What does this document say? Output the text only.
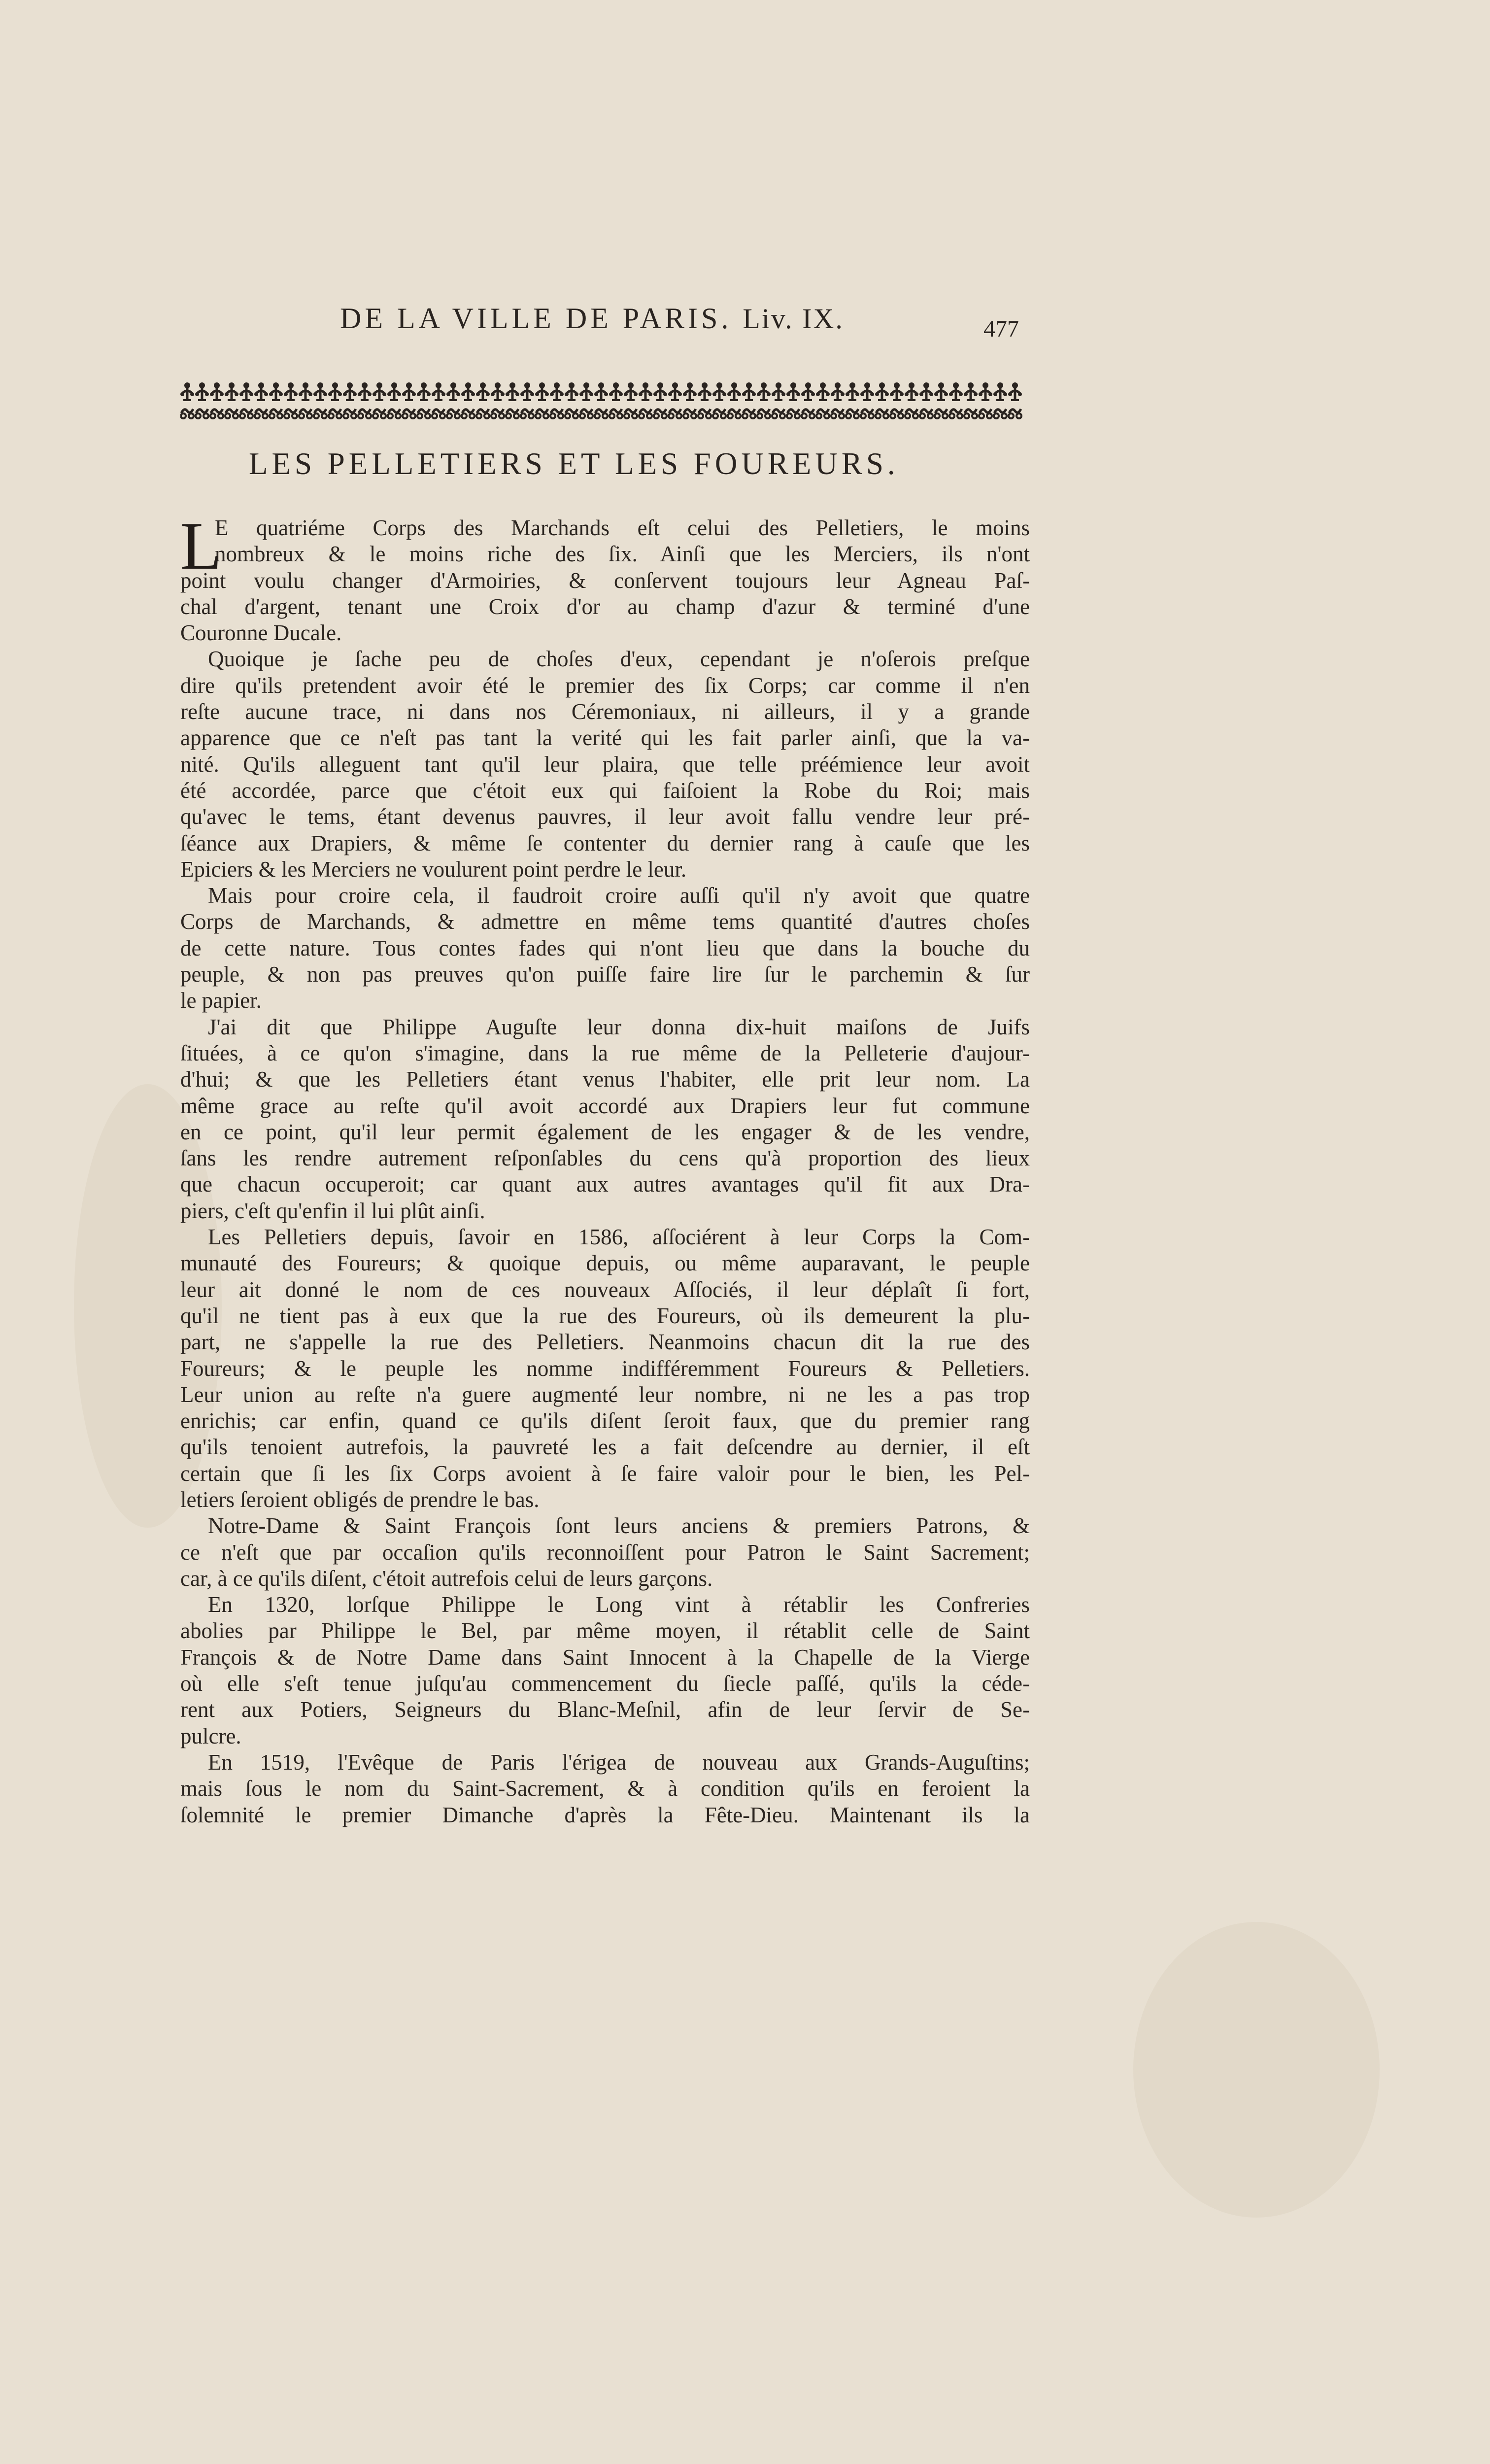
DE LA VILLE DE PARIS. Liv. IX.	477
LES PELLETIERS ET LES FOUREURS.
L
E quatriéme Corps des Marchands eſt celui des Pelletiers, le moins
nombreux & le moins riche des ſix. Ainſi que les Merciers, ils n'ont
point voulu changer d'Armoiries, & conſervent toujours leur Agneau Paſ-
chal d'argent, tenant une Croix d'or au champ d'azur & terminé d'une
Couronne Ducale.
Quoique je ſache peu de choſes d'eux, cependant je n'oſerois preſque
dire qu'ils pretendent avoir été le premier des ſix Corps; car comme il n'en
reſte aucune trace, ni dans nos Céremoniaux, ni ailleurs, il y a grande
apparence que ce n'eſt pas tant la verité qui les fait parler ainſi, que la va-
nité. Qu'ils alleguent tant qu'il leur plaira, que telle préémience leur avoit
été accordée, parce que c'étoit eux qui faiſoient la Robe du Roi; mais
qu'avec le tems, étant devenus pauvres, il leur avoit fallu vendre leur pré-
ſéance aux Drapiers, & même ſe contenter du dernier rang à cauſe que les
Epiciers & les Merciers ne voulurent point perdre le leur.
Mais pour croire cela, il faudroit croire auſſi qu'il n'y avoit que quatre
Corps de Marchands, & admettre en même tems quantité d'autres choſes
de cette nature. Tous contes fades qui n'ont lieu que dans la bouche du
peuple, & non pas preuves qu'on puiſſe faire lire ſur le parchemin & ſur
le papier.
J'ai dit que Philippe Auguſte leur donna dix-huit maiſons de Juifs
ſituées, à ce qu'on s'imagine, dans la rue même de la Pelleterie d'aujour-
d'hui; & que les Pelletiers étant venus l'habiter, elle prit leur nom. La
même grace au reſte qu'il avoit accordé aux Drapiers leur fut commune
en ce point, qu'il leur permit également de les engager & de les vendre,
ſans les rendre autrement reſponſables du cens qu'à proportion des lieux
que chacun occuperoit; car quant aux autres avantages qu'il fit aux Dra-
piers, c'eſt qu'enfin il lui plût ainſi.
Les Pelletiers depuis, ſavoir en 1586, aſſociérent à leur Corps la Com-
munauté des Foureurs; & quoique depuis, ou même auparavant, le peuple
leur ait donné le nom de ces nouveaux Aſſociés, il leur déplaît ſi fort,
qu'il ne tient pas à eux que la rue des Foureurs, où ils demeurent la plu-
part, ne s'appelle la rue des Pelletiers. Neanmoins chacun dit la rue des
Foureurs; & le peuple les nomme indifféremment Foureurs & Pelletiers.
Leur union au reſte n'a guere augmenté leur nombre, ni ne les a pas trop
enrichis; car enfin, quand ce qu'ils diſent ſeroit faux, que du premier rang
qu'ils tenoient autrefois, la pauvreté les a fait deſcendre au dernier, il eſt
certain que ſi les ſix Corps avoient à ſe faire valoir pour le bien, les Pel-
letiers ſeroient obligés de prendre le bas.
Notre-Dame & Saint François ſont leurs anciens & premiers Patrons, &
ce n'eſt que par occaſion qu'ils reconnoiſſent pour Patron le Saint Sacrement;
car, à ce qu'ils diſent, c'étoit autrefois celui de leurs garçons.
En 1320, lorſque Philippe le Long vint à rétablir les Confreries
abolies par Philippe le Bel, par même moyen, il rétablit celle de Saint
François & de Notre Dame dans Saint Innocent à la Chapelle de la Vierge
où elle s'eſt tenue juſqu'au commencement du ſiecle paſſé, qu'ils la céde-
rent aux Potiers, Seigneurs du Blanc-Meſnil, afin de leur ſervir de Se-
pulcre.
En 1519, l'Evêque de Paris l'érigea de nouveau aux Grands-Auguſtins;
mais ſous le nom du Saint-Sacrement, & à condition qu'ils en feroient la
ſolemnité le premier Dimanche d'après la Fête-Dieu. Maintenant ils la
